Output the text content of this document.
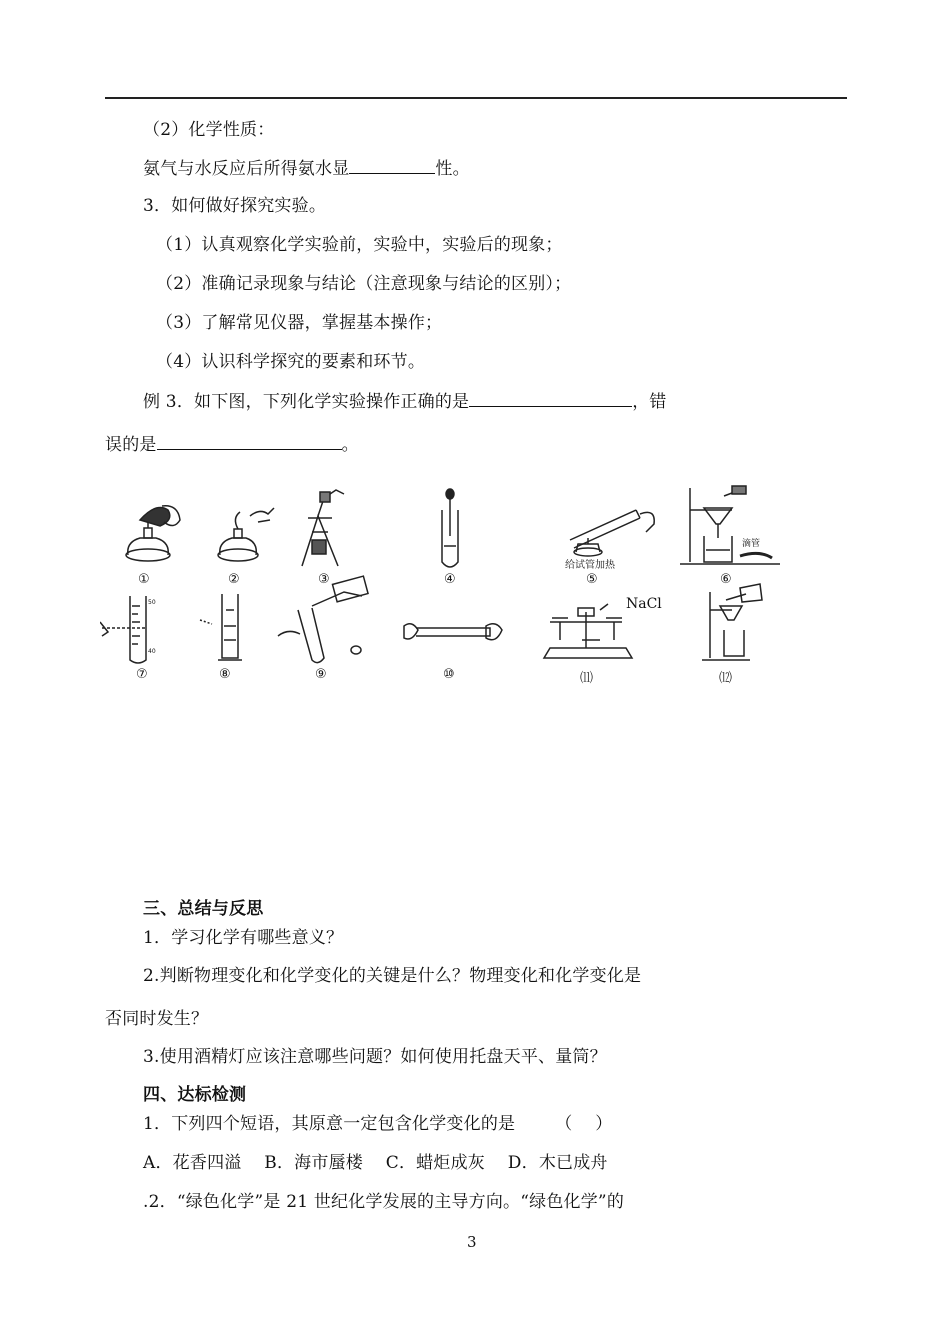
（2）化学性质：
氨气与水反应后所得氨水显	性。
3．如何做好探究实验。
（1）认真观察化学实验前，实验中，实验后的现象；
（2）准确记录现象与结论（注意现象与结论的区别）；
（3）了解常见仪器，掌握基本操作；
（4）认识科学探究的要素和环节。
例 3．如下图，下列化学实验操作正确的是	，错
误的是	。
①	②	③	④	⑤	⑥
⑦	⑧	⑨	⑩	⑾	⑿
给试管加热
滴管
NaCl
50
40
三、总结与反思
1．学习化学有哪些意义？
2.判断物理变化和化学变化的关键是什么？物理变化和化学变化是
否同时发生？
3.使用酒精灯应该注意哪些问题？如何使用托盘天平、量筒？
四、达标检测
1．下列四个短语，其原意一定包含化学变化的是 （　 ）
A．花香四溢　 B．海市蜃楼　 C．蜡炬成灰　 D．木已成舟
.2．“绿色化学”是 21 世纪化学发展的主导方向。“绿色化学”的
3
